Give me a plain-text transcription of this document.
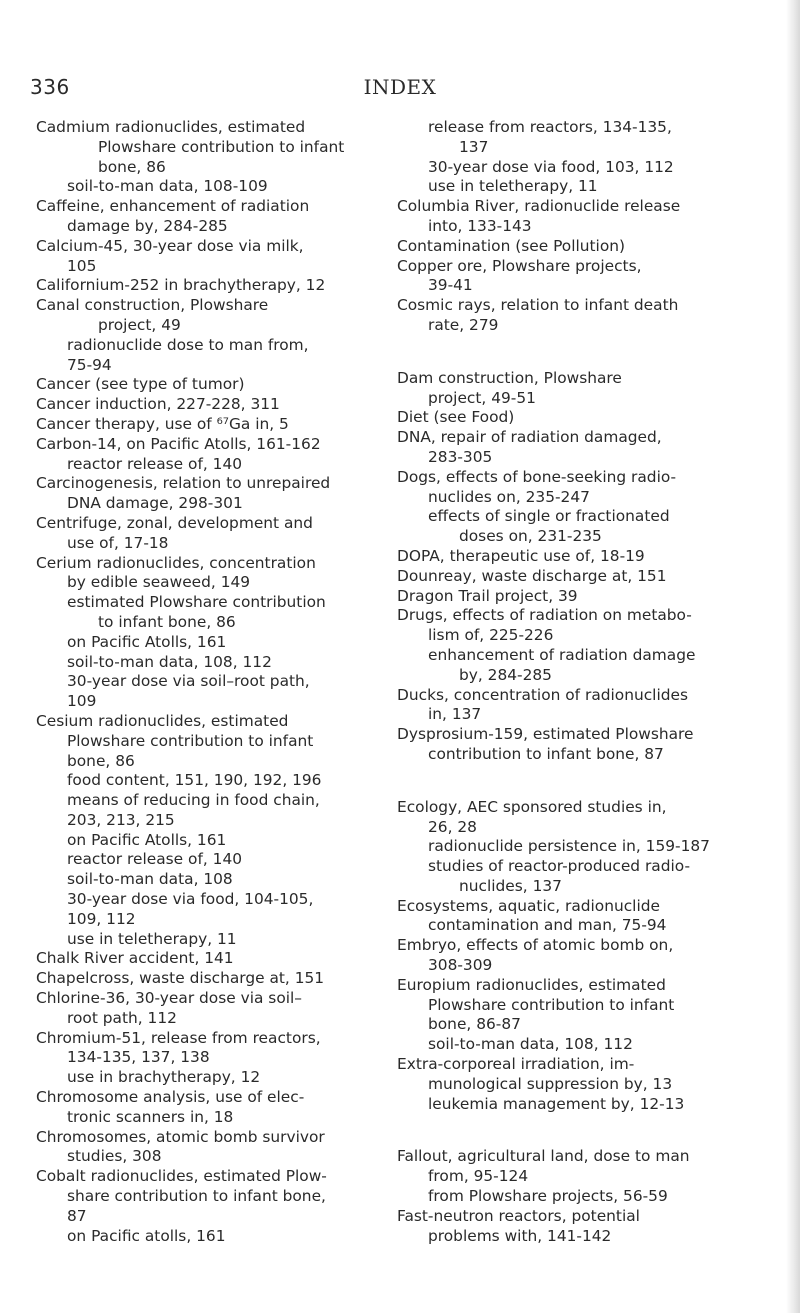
336	INDEX
Cadmium radionuclides, estimated
Plowshare contribution to infant
bone, 86
soil-to-man data, 108-109
Caffeine, enhancement of radiation
damage by, 284-285
Calcium-45, 30-year dose via milk,
105
Californium-252 in brachytherapy, 12
Canal construction, Plowshare
project, 49
radionuclide dose to man from,
75-94
Cancer (see type of tumor)
Cancer induction, 227-228, 311
Cancer therapy, use of ⁶⁷Ga in, 5
Carbon-14, on Pacific Atolls, 161-162
reactor release of, 140
Carcinogenesis, relation to unrepaired
DNA damage, 298-301
Centrifuge, zonal, development and
use of, 17-18
Cerium radionuclides, concentration
by edible seaweed, 149
estimated Plowshare contribution
to infant bone, 86
on Pacific Atolls, 161
soil-to-man data, 108, 112
30-year dose via soil–root path,
109
Cesium radionuclides, estimated
Plowshare contribution to infant
bone, 86
food content, 151, 190, 192, 196
means of reducing in food chain,
203, 213, 215
on Pacific Atolls, 161
reactor release of, 140
soil-to-man data, 108
30-year dose via food, 104-105,
109, 112
use in teletherapy, 11
Chalk River accident, 141
Chapelcross, waste discharge at, 151
Chlorine-36, 30-year dose via soil–
root path, 112
Chromium-51, release from reactors,
134-135, 137, 138
use in brachytherapy, 12
Chromosome analysis, use of elec-
tronic scanners in, 18
Chromosomes, atomic bomb survivor
studies, 308
Cobalt radionuclides, estimated Plow-
share contribution to infant bone,
87
on Pacific atolls, 161
release from reactors, 134-135,
137
30-year dose via food, 103, 112
use in teletherapy, 11
Columbia River, radionuclide release
into, 133-143
Contamination (see Pollution)
Copper ore, Plowshare projects,
39-41
Cosmic rays, relation to infant death
rate, 279
Dam construction, Plowshare
project, 49-51
Diet (see Food)
DNA, repair of radiation damaged,
283-305
Dogs, effects of bone-seeking radio-
nuclides on, 235-247
effects of single or fractionated
doses on, 231-235
DOPA, therapeutic use of, 18-19
Dounreay, waste discharge at, 151
Dragon Trail project, 39
Drugs, effects of radiation on metabo-
lism of, 225-226
enhancement of radiation damage
by, 284-285
Ducks, concentration of radionuclides
in, 137
Dysprosium-159, estimated Plowshare
contribution to infant bone, 87
Ecology, AEC sponsored studies in,
26, 28
radionuclide persistence in, 159-187
studies of reactor-produced radio-
nuclides, 137
Ecosystems, aquatic, radionuclide
contamination and man, 75-94
Embryo, effects of atomic bomb on,
308-309
Europium radionuclides, estimated
Plowshare contribution to infant
bone, 86-87
soil-to-man data, 108, 112
Extra-corporeal irradiation, im-
munological suppression by, 13
leukemia management by, 12-13
Fallout, agricultural land, dose to man
from, 95-124
from Plowshare projects, 56-59
Fast-neutron reactors, potential
problems with, 141-142
